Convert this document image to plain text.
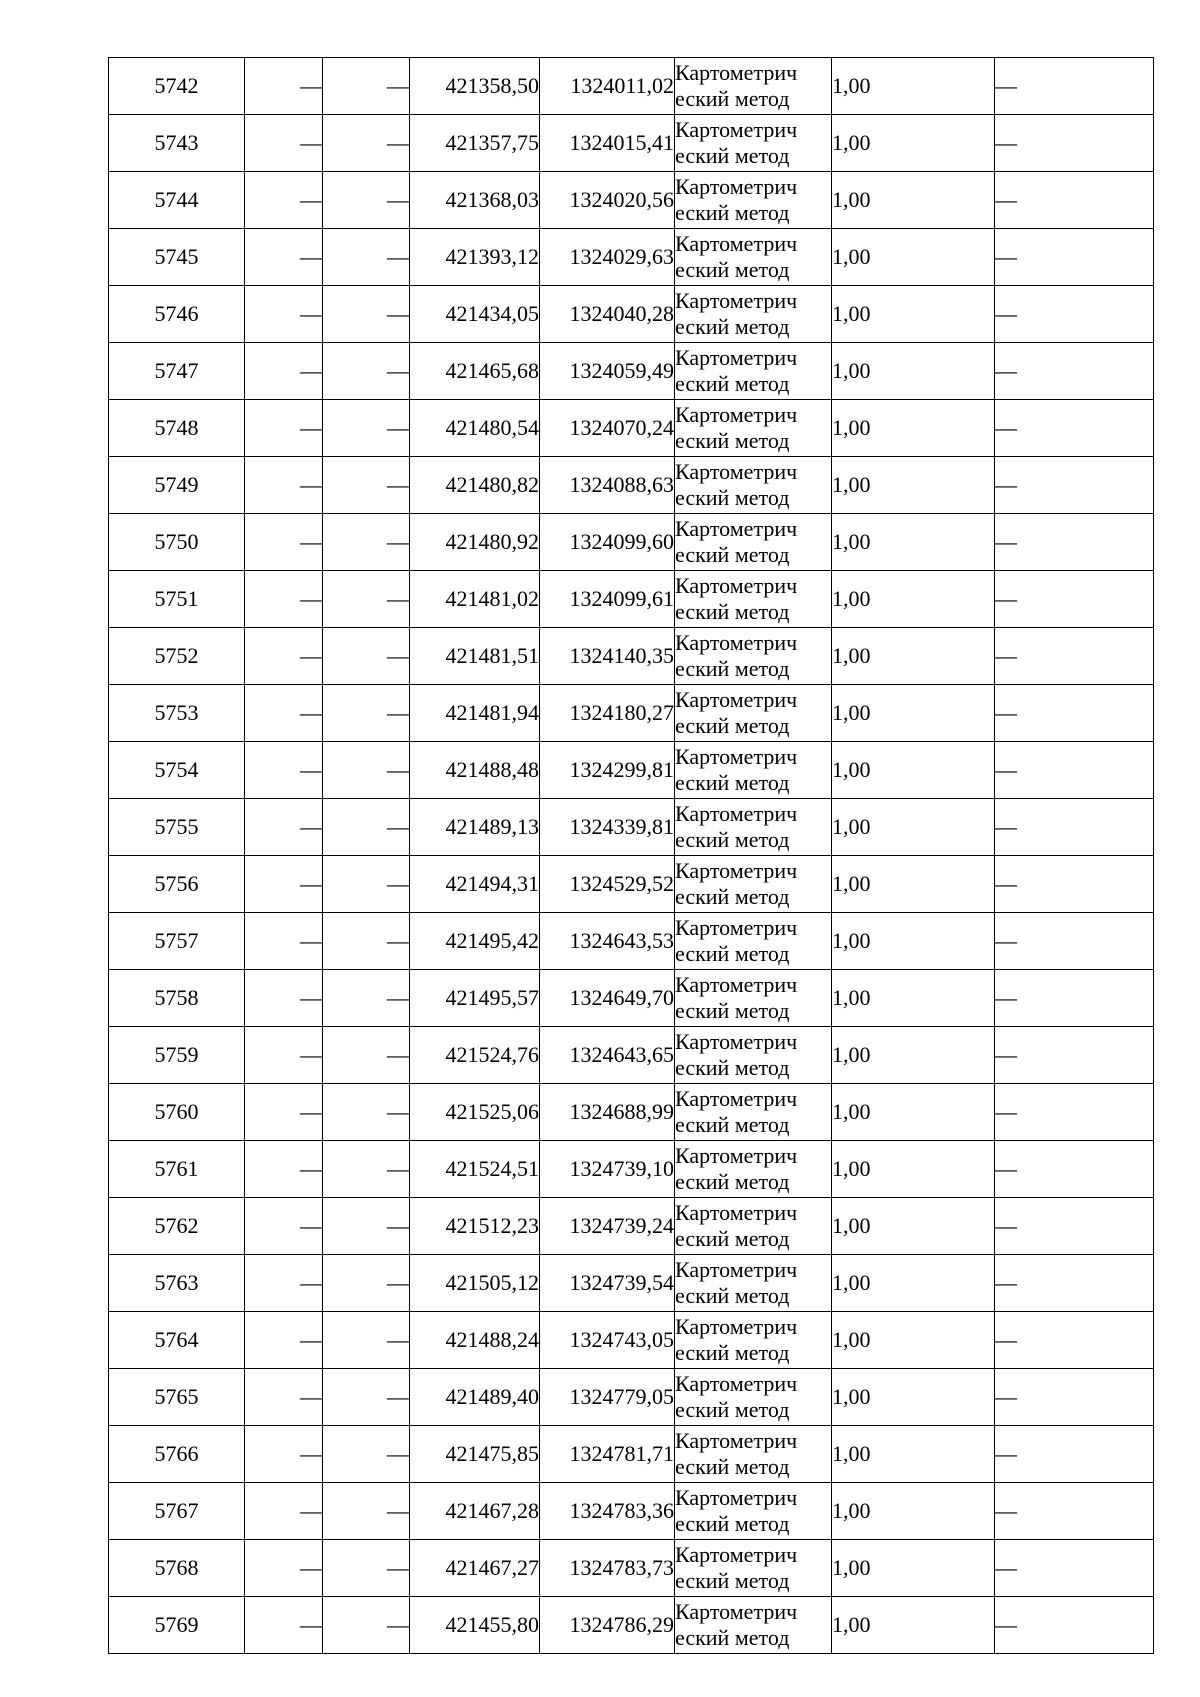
5742	—	—	421358,50	1324011,02	Картометрич
еский метод	1,00	—
5743	—	—	421357,75	1324015,41	Картометрич
еский метод	1,00	—
5744	—	—	421368,03	1324020,56	Картометрич
еский метод	1,00	—
5745	—	—	421393,12	1324029,63	Картометрич
еский метод	1,00	—
5746	—	—	421434,05	1324040,28	Картометрич
еский метод	1,00	—
5747	—	—	421465,68	1324059,49	Картометрич
еский метод	1,00	—
5748	—	—	421480,54	1324070,24	Картометрич
еский метод	1,00	—
5749	—	—	421480,82	1324088,63	Картометрич
еский метод	1,00	—
5750	—	—	421480,92	1324099,60	Картометрич
еский метод	1,00	—
5751	—	—	421481,02	1324099,61	Картометрич
еский метод	1,00	—
5752	—	—	421481,51	1324140,35	Картометрич
еский метод	1,00	—
5753	—	—	421481,94	1324180,27	Картометрич
еский метод	1,00	—
5754	—	—	421488,48	1324299,81	Картометрич
еский метод	1,00	—
5755	—	—	421489,13	1324339,81	Картометрич
еский метод	1,00	—
5756	—	—	421494,31	1324529,52	Картометрич
еский метод	1,00	—
5757	—	—	421495,42	1324643,53	Картометрич
еский метод	1,00	—
5758	—	—	421495,57	1324649,70	Картометрич
еский метод	1,00	—
5759	—	—	421524,76	1324643,65	Картометрич
еский метод	1,00	—
5760	—	—	421525,06	1324688,99	Картометрич
еский метод	1,00	—
5761	—	—	421524,51	1324739,10	Картометрич
еский метод	1,00	—
5762	—	—	421512,23	1324739,24	Картометрич
еский метод	1,00	—
5763	—	—	421505,12	1324739,54	Картометрич
еский метод	1,00	—
5764	—	—	421488,24	1324743,05	Картометрич
еский метод	1,00	—
5765	—	—	421489,40	1324779,05	Картометрич
еский метод	1,00	—
5766	—	—	421475,85	1324781,71	Картометрич
еский метод	1,00	—
5767	—	—	421467,28	1324783,36	Картометрич
еский метод	1,00	—
5768	—	—	421467,27	1324783,73	Картометрич
еский метод	1,00	—
5769	—	—	421455,80	1324786,29	Картометрич
еский метод	1,00	—
